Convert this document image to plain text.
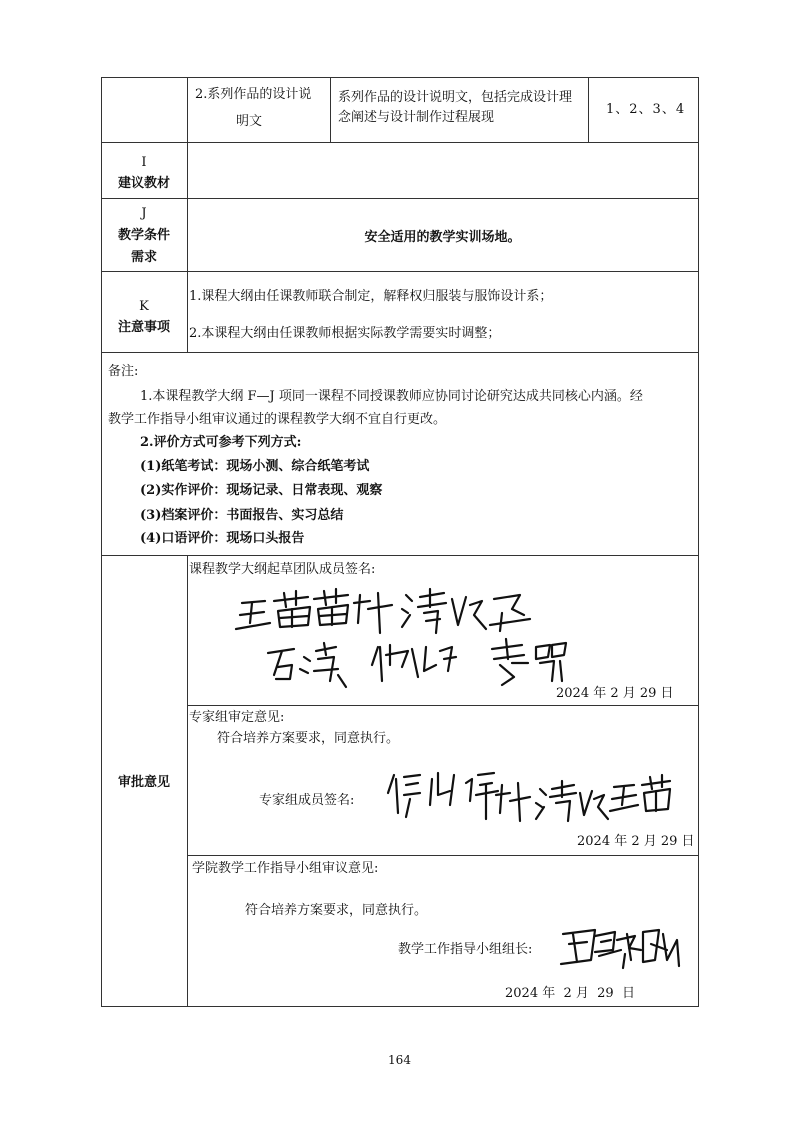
2.系列作品的设计说
明文
系列作品的设计说明文，包括完成设计理
念阐述与设计制作过程展现
1、2、3、4
I
建议教材
J
教学条件
需求
安全适用的教学实训场地。
K
注意事项
1.课程大纲由任课教师联合制定，解释权归服装与服饰设计系；
2.本课程大纲由任课教师根据实际教学需要实时调整；
备注:
1.本课程教学大纲 F—J 项同一课程不同授课教师应协同讨论研究达成共同核心内涵。经
教学工作指导小组审议通过的课程教学大纲不宜自行更改。
2.评价方式可参考下列方式:
(1)纸笔考试：现场小测、综合纸笔考试
(2)实作评价：现场记录、日常表现、观察
(3)档案评价：书面报告、实习总结
(4)口语评价：现场口头报告
审批意见
课程教学大纲起草团队成员签名:
2024 年 2 月 29 日
专家组审定意见:
符合培养方案要求，同意执行。
专家组成员签名:
2024 年 2 月 29 日
学院教学工作指导小组审议意见:
符合培养方案要求，同意执行。
教学工作指导小组组长:
2024 年  2 月  29  日
164
